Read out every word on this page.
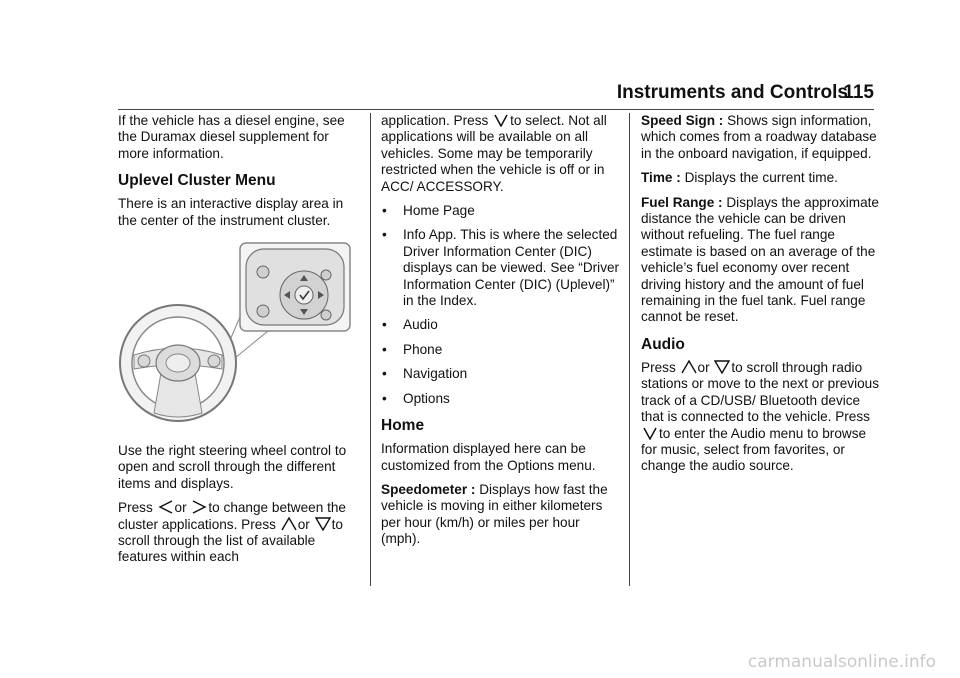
Instruments and Controls
115

If the vehicle has a diesel engine, see the Duramax diesel supplement for more information.

Uplevel Cluster Menu

There is an interactive display area in the center of the instrument cluster.

Use the right steering wheel control to open and scroll through the different items and displays.

Press or to change between the cluster applications. Press or to scroll through the list of available features within each

application. Press to select. Not all applications will be available on all vehicles. Some may be temporarily restricted when the vehicle is off or in ACC/ ACCESSORY.

• Home Page

• Info App. This is where the selected Driver Information Center (DIC) displays can be viewed. See “Driver Information Center (DIC) (Uplevel)” in the Index.

• Audio

• Phone

• Navigation

• Options

Home

Information displayed here can be customized from the Options menu.

Speedometer : Displays how fast the vehicle is moving in either kilometers per hour (km/h) or miles per hour (mph).

Speed Sign : Shows sign information, which comes from a roadway database in the onboard navigation, if equipped.

Time : Displays the current time.

Fuel Range : Displays the approximate distance the vehicle can be driven without refueling. The fuel range estimate is based on an average of the vehicle’s fuel economy over recent driving history and the amount of fuel remaining in the fuel tank. Fuel range cannot be reset.

Audio

Press or to scroll through radio stations or move to the next or previous track of a CD/USB/ Bluetooth device that is connected to the vehicle. Press to enter the Audio menu to browse for music, select from favorites, or change the audio source.

carmanualsonline.info
